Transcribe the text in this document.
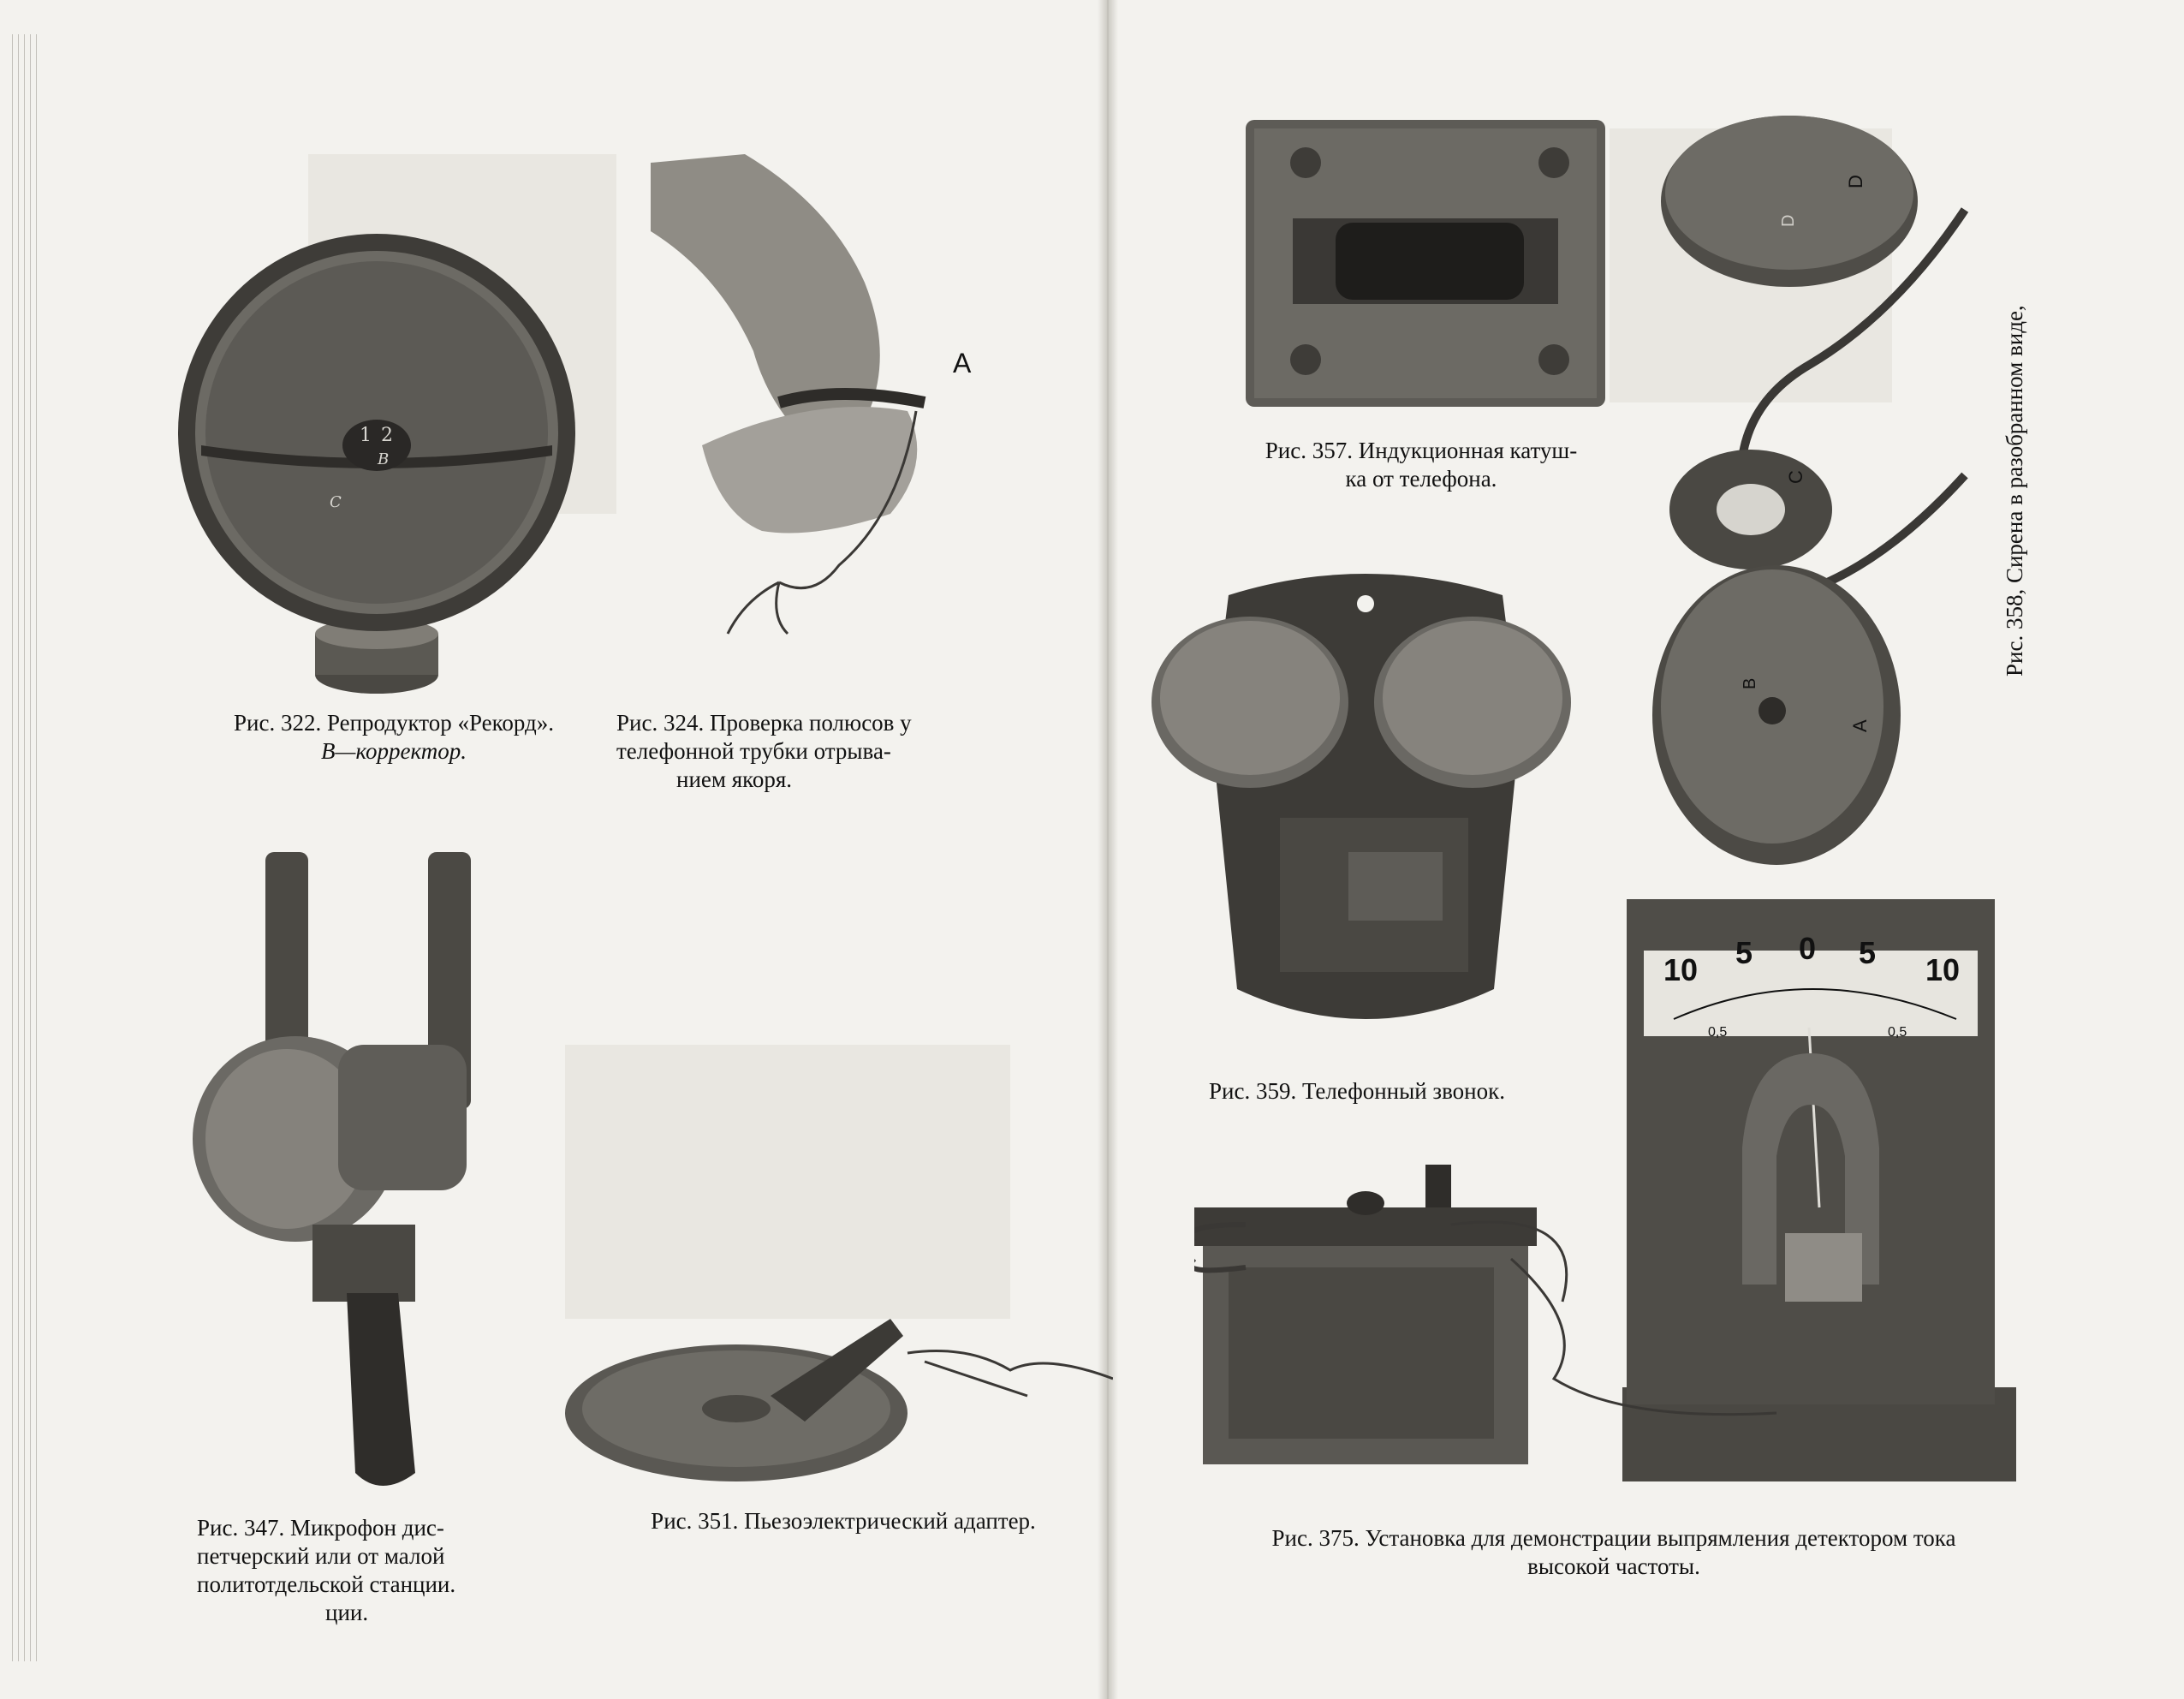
1 2
B
C
Рис. 322. Репродуктор «Рекорд».
B—корректор.
A
Рис. 324. Проверка полюсов у
телефонной трубки отрыва-
нием якоря.
Рис. 347. Микрофон дис-
петчерский или от малой
политотдельской станции.
ции.
Рис. 351. Пьезоэлектрический адаптер.
Рис. 357. Индукционная катуш-
ка от телефона.
D
D
C
B
A
Рис. 358, Сирена в разобранном виде,
Рис. 359. Телефонный звонок.
10 5 0 5 10
0,5	0,5
Рис. 375. Установка для демонстрации выпрямления детектором тока
высокой частоты.
